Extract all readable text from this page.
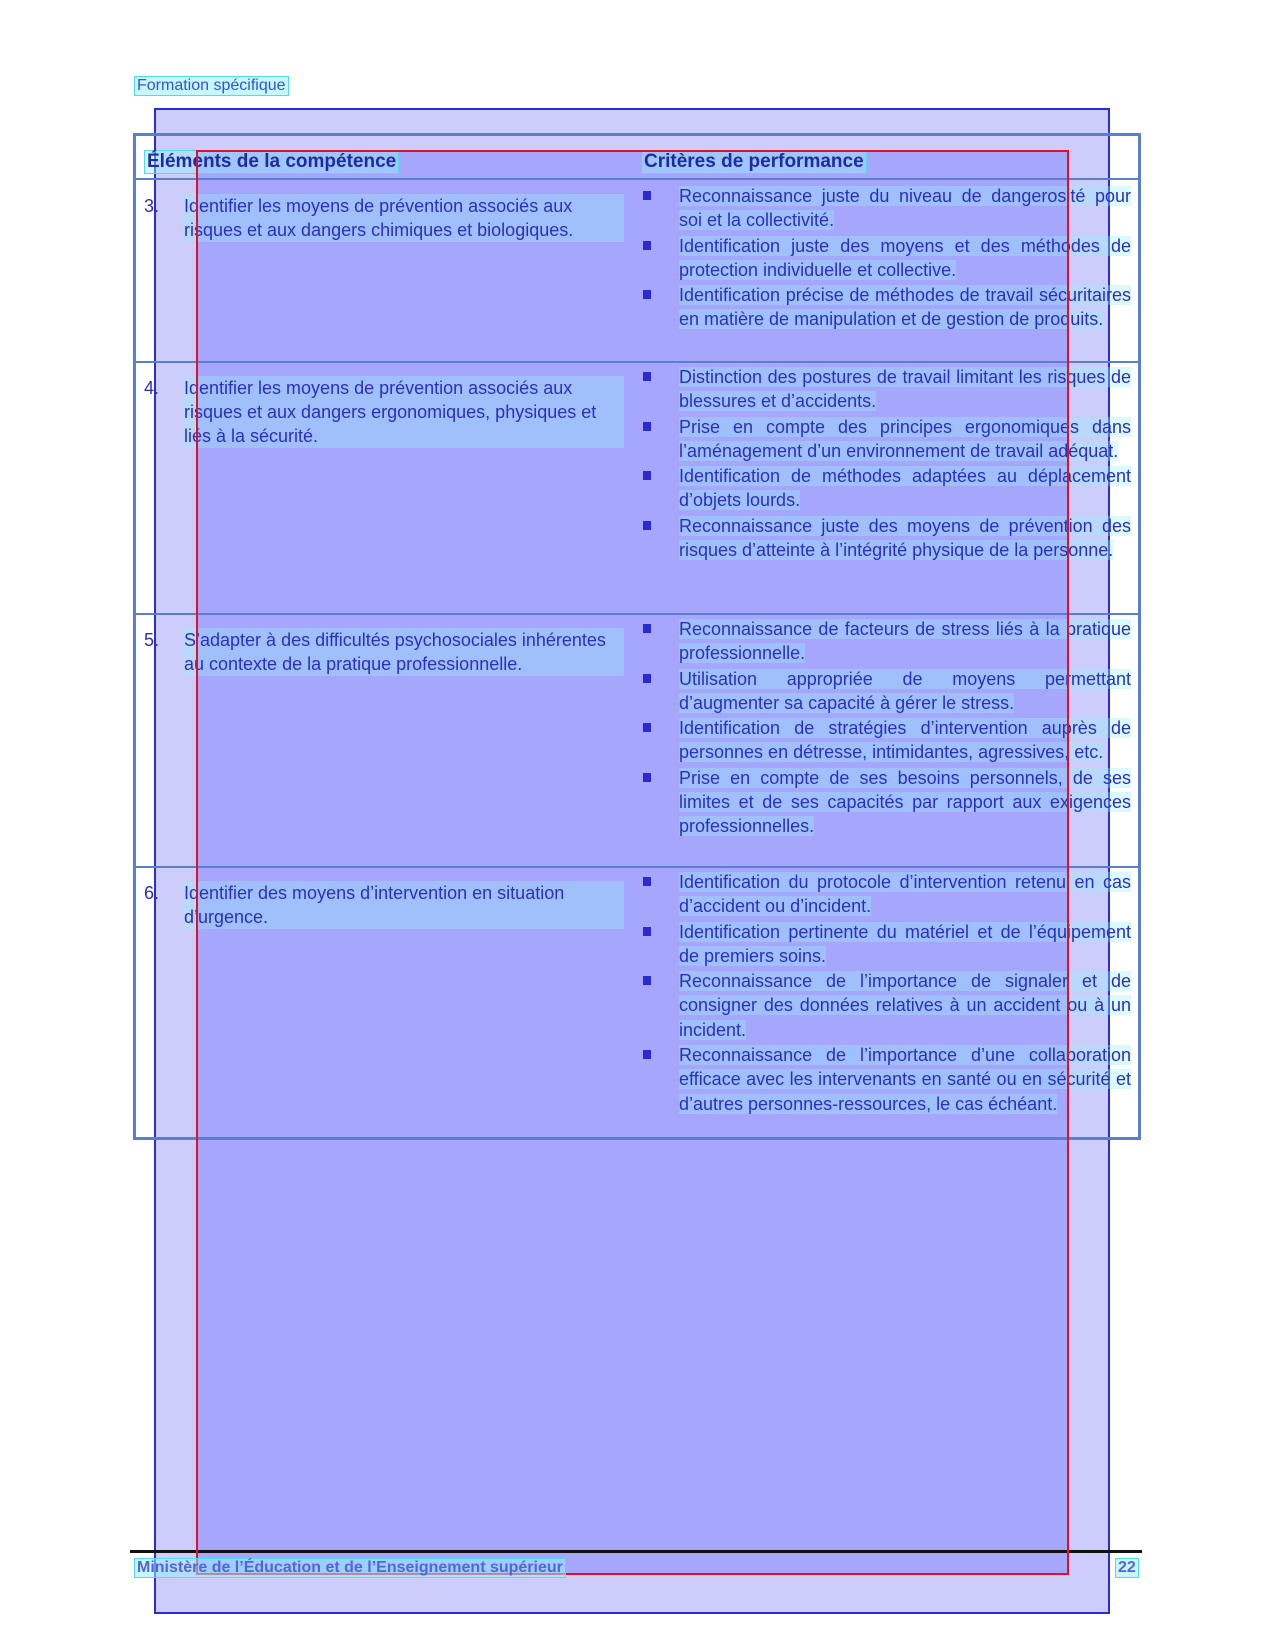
Formation spécifique
Éléments de la compétence	Critères de performance
3. Identifier les moyens de prévention associés aux risques et aux dangers chimiques et biologiques.
Reconnaissance juste du niveau de dangerosité pour soi et la collectivité.
Identification juste des moyens et des méthodes de protection individuelle et collective.
Identification précise de méthodes de travail sécuritaires en matière de manipulation et de gestion de produits.
4. Identifier les moyens de prévention associés aux risques et aux dangers ergonomiques, physiques et liés à la sécurité.
Distinction des postures de travail limitant les risques de blessures et d’accidents.
Prise en compte des principes ergonomiques dans l’aménagement d’un environnement de travail adéquat.
Identification de méthodes adaptées au déplacement d’objets lourds.
Reconnaissance juste des moyens de prévention des risques d’atteinte à l’intégrité physique de la personne.
5. S’adapter à des difficultés psychosociales inhérentes au contexte de la pratique professionnelle.
Reconnaissance de facteurs de stress liés à la pratique professionnelle.
Utilisation appropriée de moyens permettant d’augmenter sa capacité à gérer le stress.
Identification de stratégies d’intervention auprès de personnes en détresse, intimidantes, agressives, etc.
Prise en compte de ses besoins personnels, de ses limites et de ses capacités par rapport aux exigences professionnelles.
6. Identifier des moyens d’intervention en situation d’urgence.
Identification du protocole d’intervention retenu en cas d’accident ou d’incident.
Identification pertinente du matériel et de l’équipement de premiers soins.
Reconnaissance de l’importance de signaler et de consigner des données relatives à un accident ou à un incident.
Reconnaissance de l’importance d’une collaboration efficace avec les intervenants en santé ou en sécurité et d’autres personnes-ressources, le cas échéant.
Ministère de l’Éducation et de l’Enseignement supérieur	22
